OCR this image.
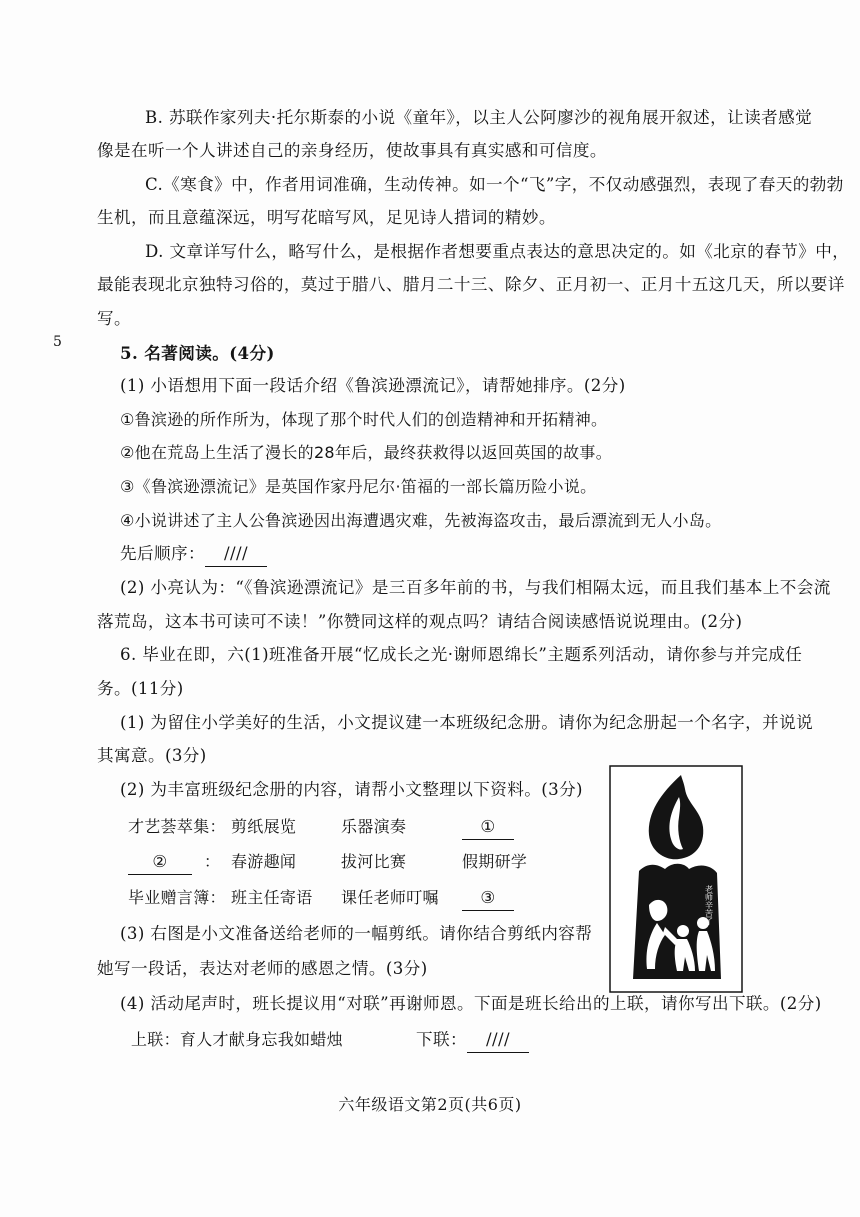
5
B. 苏联作家列夫·托尔斯泰的小说《童年》，以主人公阿廖沙的视角展开叙述，让读者感觉
像是在听一个人讲述自己的亲身经历，使故事具有真实感和可信度。
C.《寒食》中，作者用词准确，生动传神。如一个“飞”字，不仅动感强烈，表现了春天的勃勃
生机，而且意蕴深远，明写花暗写风，足见诗人措词的精妙。
D. 文章详写什么，略写什么，是根据作者想要重点表达的意思决定的。如《北京的春节》中，
最能表现北京独特习俗的，莫过于腊八、腊月二十三、除夕、正月初一、正月十五这几天，所以要详
写。
5. 名著阅读。(4分)
(1) 小语想用下面一段话介绍《鲁滨逊漂流记》，请帮她排序。(2分)
①鲁滨逊的所作所为，体现了那个时代人们的创造精神和开拓精神。
②他在荒岛上生活了漫长的28年后，最终获救得以返回英国的故事。
③《鲁滨逊漂流记》是英国作家丹尼尔·笛福的一部长篇历险小说。
④小说讲述了主人公鲁滨逊因出海遭遇灾难，先被海盗攻击，最后漂流到无人小岛。
先后顺序： ////
(2) 小亮认为：“《鲁滨逊漂流记》是三百多年前的书，与我们相隔太远，而且我们基本上不会流
落荒岛，这本书可读可不读！”你赞同这样的观点吗？请结合阅读感悟说说理由。(2分)
6. 毕业在即，六(1)班准备开展“忆成长之光·谢师恩绵长”主题系列活动，请你参与并完成任
务。(11分)
(1) 为留住小学美好的生活，小文提议建一本班级纪念册。请你为纪念册起一个名字，并说说
其寓意。(3分)
(2) 为丰富班级纪念册的内容，请帮小文整理以下资料。(3分)
才艺荟萃集： 剪纸展览	乐器演奏	①
②	： 春游趣闻	拔河比赛	假期研学
毕业赠言簿： 班主任寄语 课任老师叮嘱	③
(3) 右图是小文准备送给老师的一幅剪纸。请你结合剪纸内容帮
她写一段话，表达对老师的感恩之情。(3分)
(4) 活动尾声时，班长提议用“对联”再谢师恩。下面是班长给出的上联，请你写出下联。(2分)
上联：育人才献身忘我如蜡烛	下联： ////
老师辛苦了
六年级语文第2页(共6页)
